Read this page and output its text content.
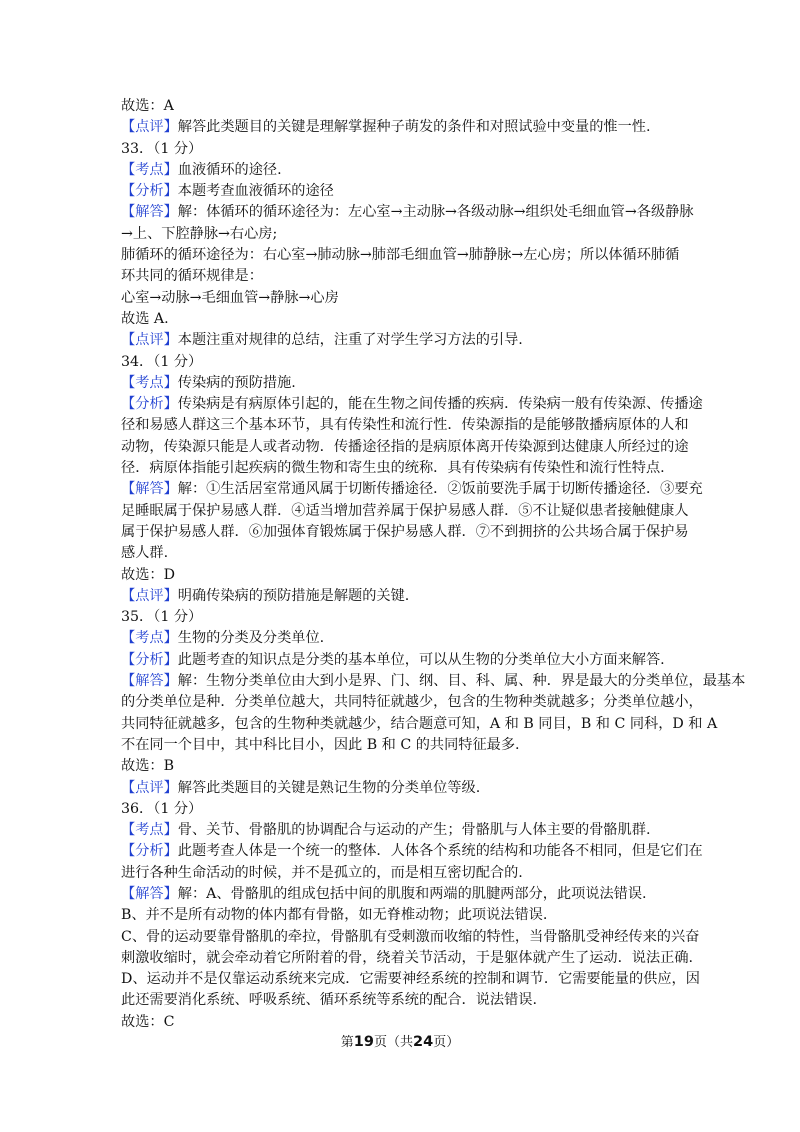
故选：A
【点评】解答此类题目的关键是理解掌握种子萌发的条件和对照试验中变量的惟一性.
33．（1 分）
【考点】血液循环的途径.
【分析】本题考查血液循环的途径
【解答】解：体循环的循环途径为：左心室→主动脉→各级动脉→组织处毛细血管→各级静脉
→上、下腔静脉→右心房;
肺循环的循环途径为：右心室→肺动脉→肺部毛细血管→肺静脉→左心房；所以体循环肺循
环共同的循环规律是：
心室→动脉→毛细血管→静脉→心房
故选 A.
【点评】本题注重对规律的总结，注重了对学生学习方法的引导.
34．（1 分）
【考点】传染病的预防措施.
【分析】传染病是有病原体引起的，能在生物之间传播的疾病．传染病一般有传染源、传播途
径和易感人群这三个基本环节，具有传染性和流行性．传染源指的是能够散播病原体的人和
动物，传染源只能是人或者动物．传播途径指的是病原体离开传染源到达健康人所经过的途
径．病原体指能引起疾病的微生物和寄生虫的统称．具有传染病有传染性和流行性特点.
【解答】解：①生活居室常通风属于切断传播途径．②饭前要洗手属于切断传播途径．③要充
足睡眠属于保护易感人群．④适当增加营养属于保护易感人群．⑤不让疑似患者接触健康人
属于保护易感人群．⑥加强体育锻炼属于保护易感人群．⑦不到拥挤的公共场合属于保护易
感人群.
故选：D
【点评】明确传染病的预防措施是解题的关键.
35．（1 分）
【考点】生物的分类及分类单位.
【分析】此题考查的知识点是分类的基本单位，可以从生物的分类单位大小方面来解答.
【解答】解：生物分类单位由大到小是界、门、纲、目、科、属、种．界是最大的分类单位，最基本
的分类单位是种．分类单位越大，共同特征就越少，包含的生物种类就越多；分类单位越小，
共同特征就越多，包含的生物种类就越少，结合题意可知，A 和 B 同目，B 和 C 同科，D 和 A
不在同一个目中，其中科比目小，因此 B 和 C 的共同特征最多.
故选：B
【点评】解答此类题目的关键是熟记生物的分类单位等级.
36．（1 分）
【考点】骨、关节、骨骼肌的协调配合与运动的产生；骨骼肌与人体主要的骨骼肌群.
【分析】此题考查人体是一个统一的整体．人体各个系统的结构和功能各不相同，但是它们在
进行各种生命活动的时候，并不是孤立的，而是相互密切配合的.
【解答】解：A、骨骼肌的组成包括中间的肌腹和两端的肌腱两部分，此项说法错误.
B、并不是所有动物的体内都有骨骼，如无脊椎动物；此项说法错误.
C、骨的运动要靠骨骼肌的牵拉，骨骼肌有受刺激而收缩的特性，当骨骼肌受神经传来的兴奋
刺激收缩时，就会牵动着它所附着的骨，绕着关节活动，于是躯体就产生了运动．说法正确.
D、运动并不是仅靠运动系统来完成．它需要神经系统的控制和调节．它需要能量的供应，因
此还需要消化系统、呼吸系统、循环系统等系统的配合．说法错误.
故选：C
第19页（共24页）
